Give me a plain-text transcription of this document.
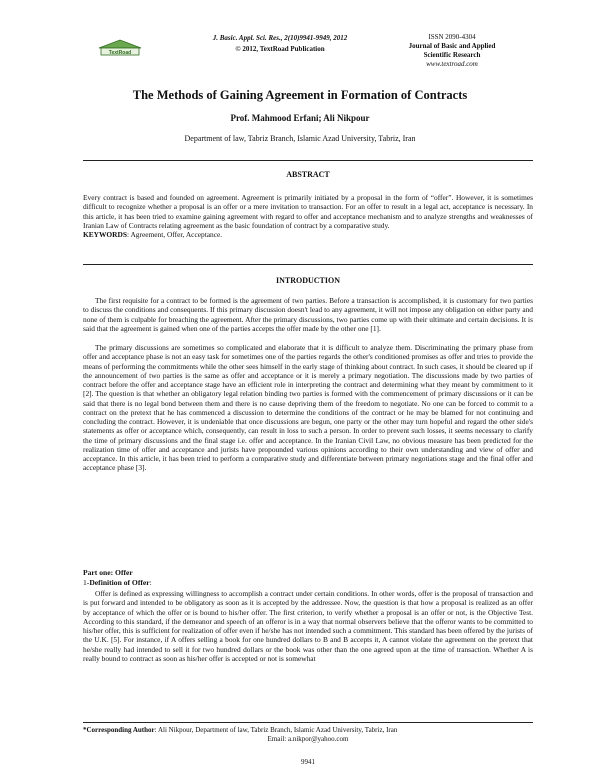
TextRoad
J. Basic. Appl. Sci. Res., 2(10)9941-9949, 2012
© 2012, TextRoad Publication
ISSN 2090-4304
Journal of Basic and Applied
Scientific Research
www.textroad.com
The Methods of Gaining Agreement in Formation of Contracts
Prof. Mahmood Erfani; Ali Nikpour
Department of law, Tabriz Branch, Islamic Azad University, Tabriz, Iran
ABSTRACT
Every contract is based and founded on agreement. Agreement is primarily initiated by a proposal in the form of “offer”. However, it is sometimes difficult to recognize whether a proposal is an offer or a mere invitation to transaction. For an offer to result in a legal act, acceptance is necessary. In this article, it has been tried to examine gaining agreement with regard to offer and acceptance mechanism and to analyze strengths and weaknesses of Iranian Law of Contracts relating agreement as the basic foundation of contract by a comparative study.
KEYWORDS: Agreement, Offer, Acceptance.
INTRODUCTION
The first requisite for a contract to be formed is the agreement of two parties. Before a transaction is accomplished, it is customary for two parties to discuss the conditions and consequents. If this primary discussion doesn't lead to any agreement, it will not impose any obligation on either party and none of them is culpable for breaching the agreement. After the primary discussions, two parties come up with their ultimate and certain decisions. It is said that the agreement is gained when one of the parties accepts the offer made by the other one [1].
The primary discussions are sometimes so complicated and elaborate that it is difficult to analyze them. Discriminating the primary phase from offer and acceptance phase is not an easy task for sometimes one of the parties regards the other's conditioned promises as offer and tries to provide the means of performing the commitments while the other sees himself in the early stage of thinking about contract. In such cases, it should be cleared up if the announcement of two parties is the same as offer and acceptance or it is merely a primary negotiation. The discussions made by two parties of contract before the offer and acceptance stage have an efficient role in interpreting the contract and determining what they meant by commitment to it [2]. The question is that whether an obligatory legal relation binding two parties is formed with the commencement of primary discussions or it can be said that there is no legal bond between them and there is no cause depriving them of the freedom to negotiate. No one can be forced to commit to a contract on the pretext that he has commenced a discussion to determine the conditions of the contract or he may be blamed for not continuing and concluding the contract. However, it is undeniable that once discussions are begun, one party or the other may turn hopeful and regard the other side's statements as offer or acceptance which, consequently, can result in loss to such a person. In order to prevent such losses, it seems necessary to clarify the time of primary discussions and the final stage i.e. offer and acceptance. In the Iranian Civil Law, no obvious measure has been predicted for the realization time of offer and acceptance and jurists have propounded various opinions according to their own understanding and view of offer and acceptance. In this article, it has been tried to perform a comparative study and differentiate between primary negotiations stage and the final offer and acceptance phase [3].
Part one: Offer
1-Definition of Offer:
Offer is defined as expressing willingness to accomplish a contract under certain conditions. In other words, offer is the proposal of transaction and is put forward and intended to be obligatory as soon as it is accepted by the addressee. Now, the question is that how a proposal is realized as an offer by acceptance of which the offer or is bound to his/her offer. The first criterion, to verify whether a proposal is an offer or not, is the Objective Test. According to this standard, if the demeanor and speech of an offeror is in a way that normal observers believe that the offeror wants to be committed to his/her offer, this is sufficient for realization of offer even if he/she has not intended such a commitment. This standard has been offered by the jurists of the U.K. [5]. For instance, if A offers selling a book for one hundred dollars to B and B accepts it, A cannot violate the agreement on the pretext that he/she really had intended to sell it for two hundred dollars or the book was other than the one agreed upon at the time of transaction. Whether A is really bound to contract as soon as his/her offer is accepted or not is somewhat
*Corresponding Author: Ali Nikpour, Department of law, Tabriz Branch, Islamic Azad University, Tabriz, Iran
Email: a.nikpor@yahoo.com
9941
